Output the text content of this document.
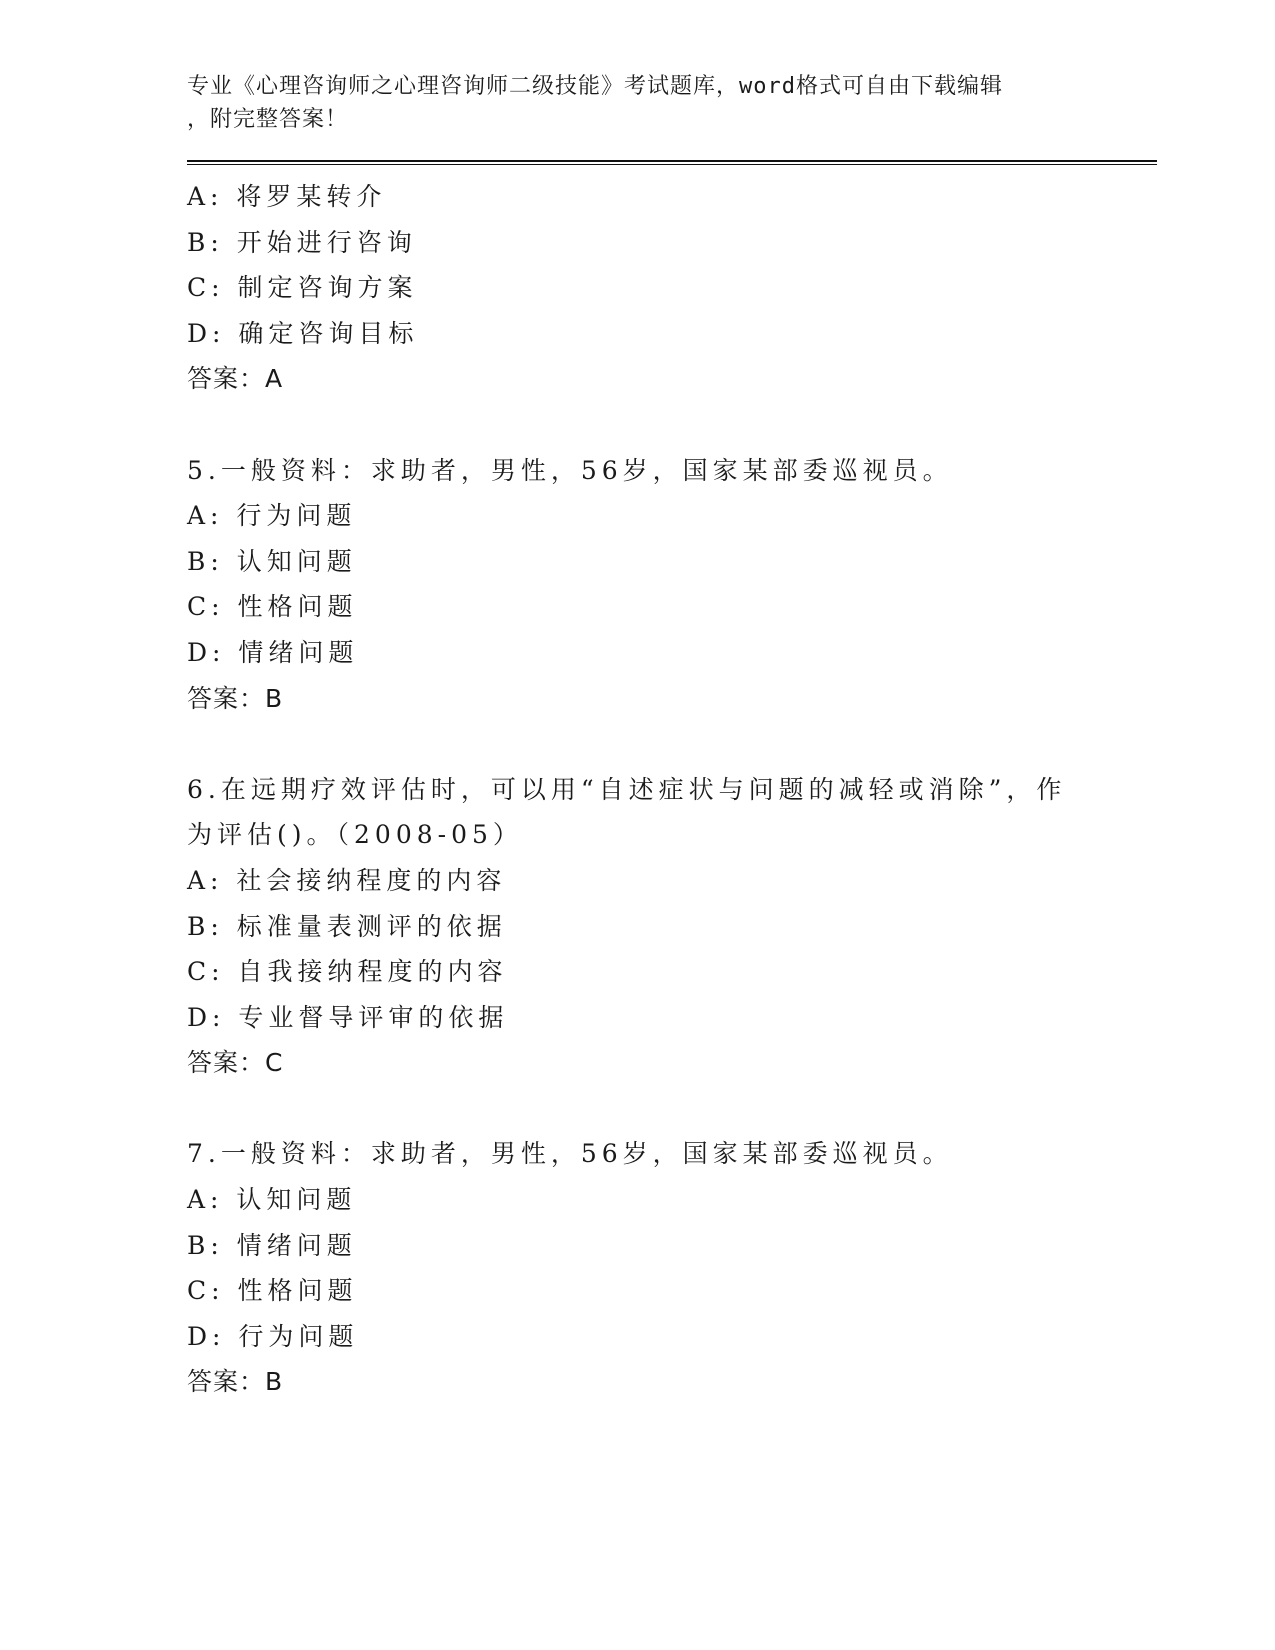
专业《心理咨询师之心理咨询师二级技能》考试题库，word格式可自由下载编辑
，附完整答案！
A: 将罗某转介
B: 开始进行咨询
C: 制定咨询方案
D: 确定咨询目标
答案：A
5.一般资料：求助者，男性，56岁，国家某部委巡视员。
A: 行为问题
B: 认知问题
C: 性格问题
D: 情绪问题
答案：B
6.在远期疗效评估时，可以用“自述症状与问题的减轻或消除”，作
为评估()。（2008-05）
A: 社会接纳程度的内容
B: 标准量表测评的依据
C: 自我接纳程度的内容
D: 专业督导评审的依据
答案：C
7.一般资料：求助者，男性，56岁，国家某部委巡视员。
A: 认知问题
B: 情绪问题
C: 性格问题
D: 行为问题
答案：B
